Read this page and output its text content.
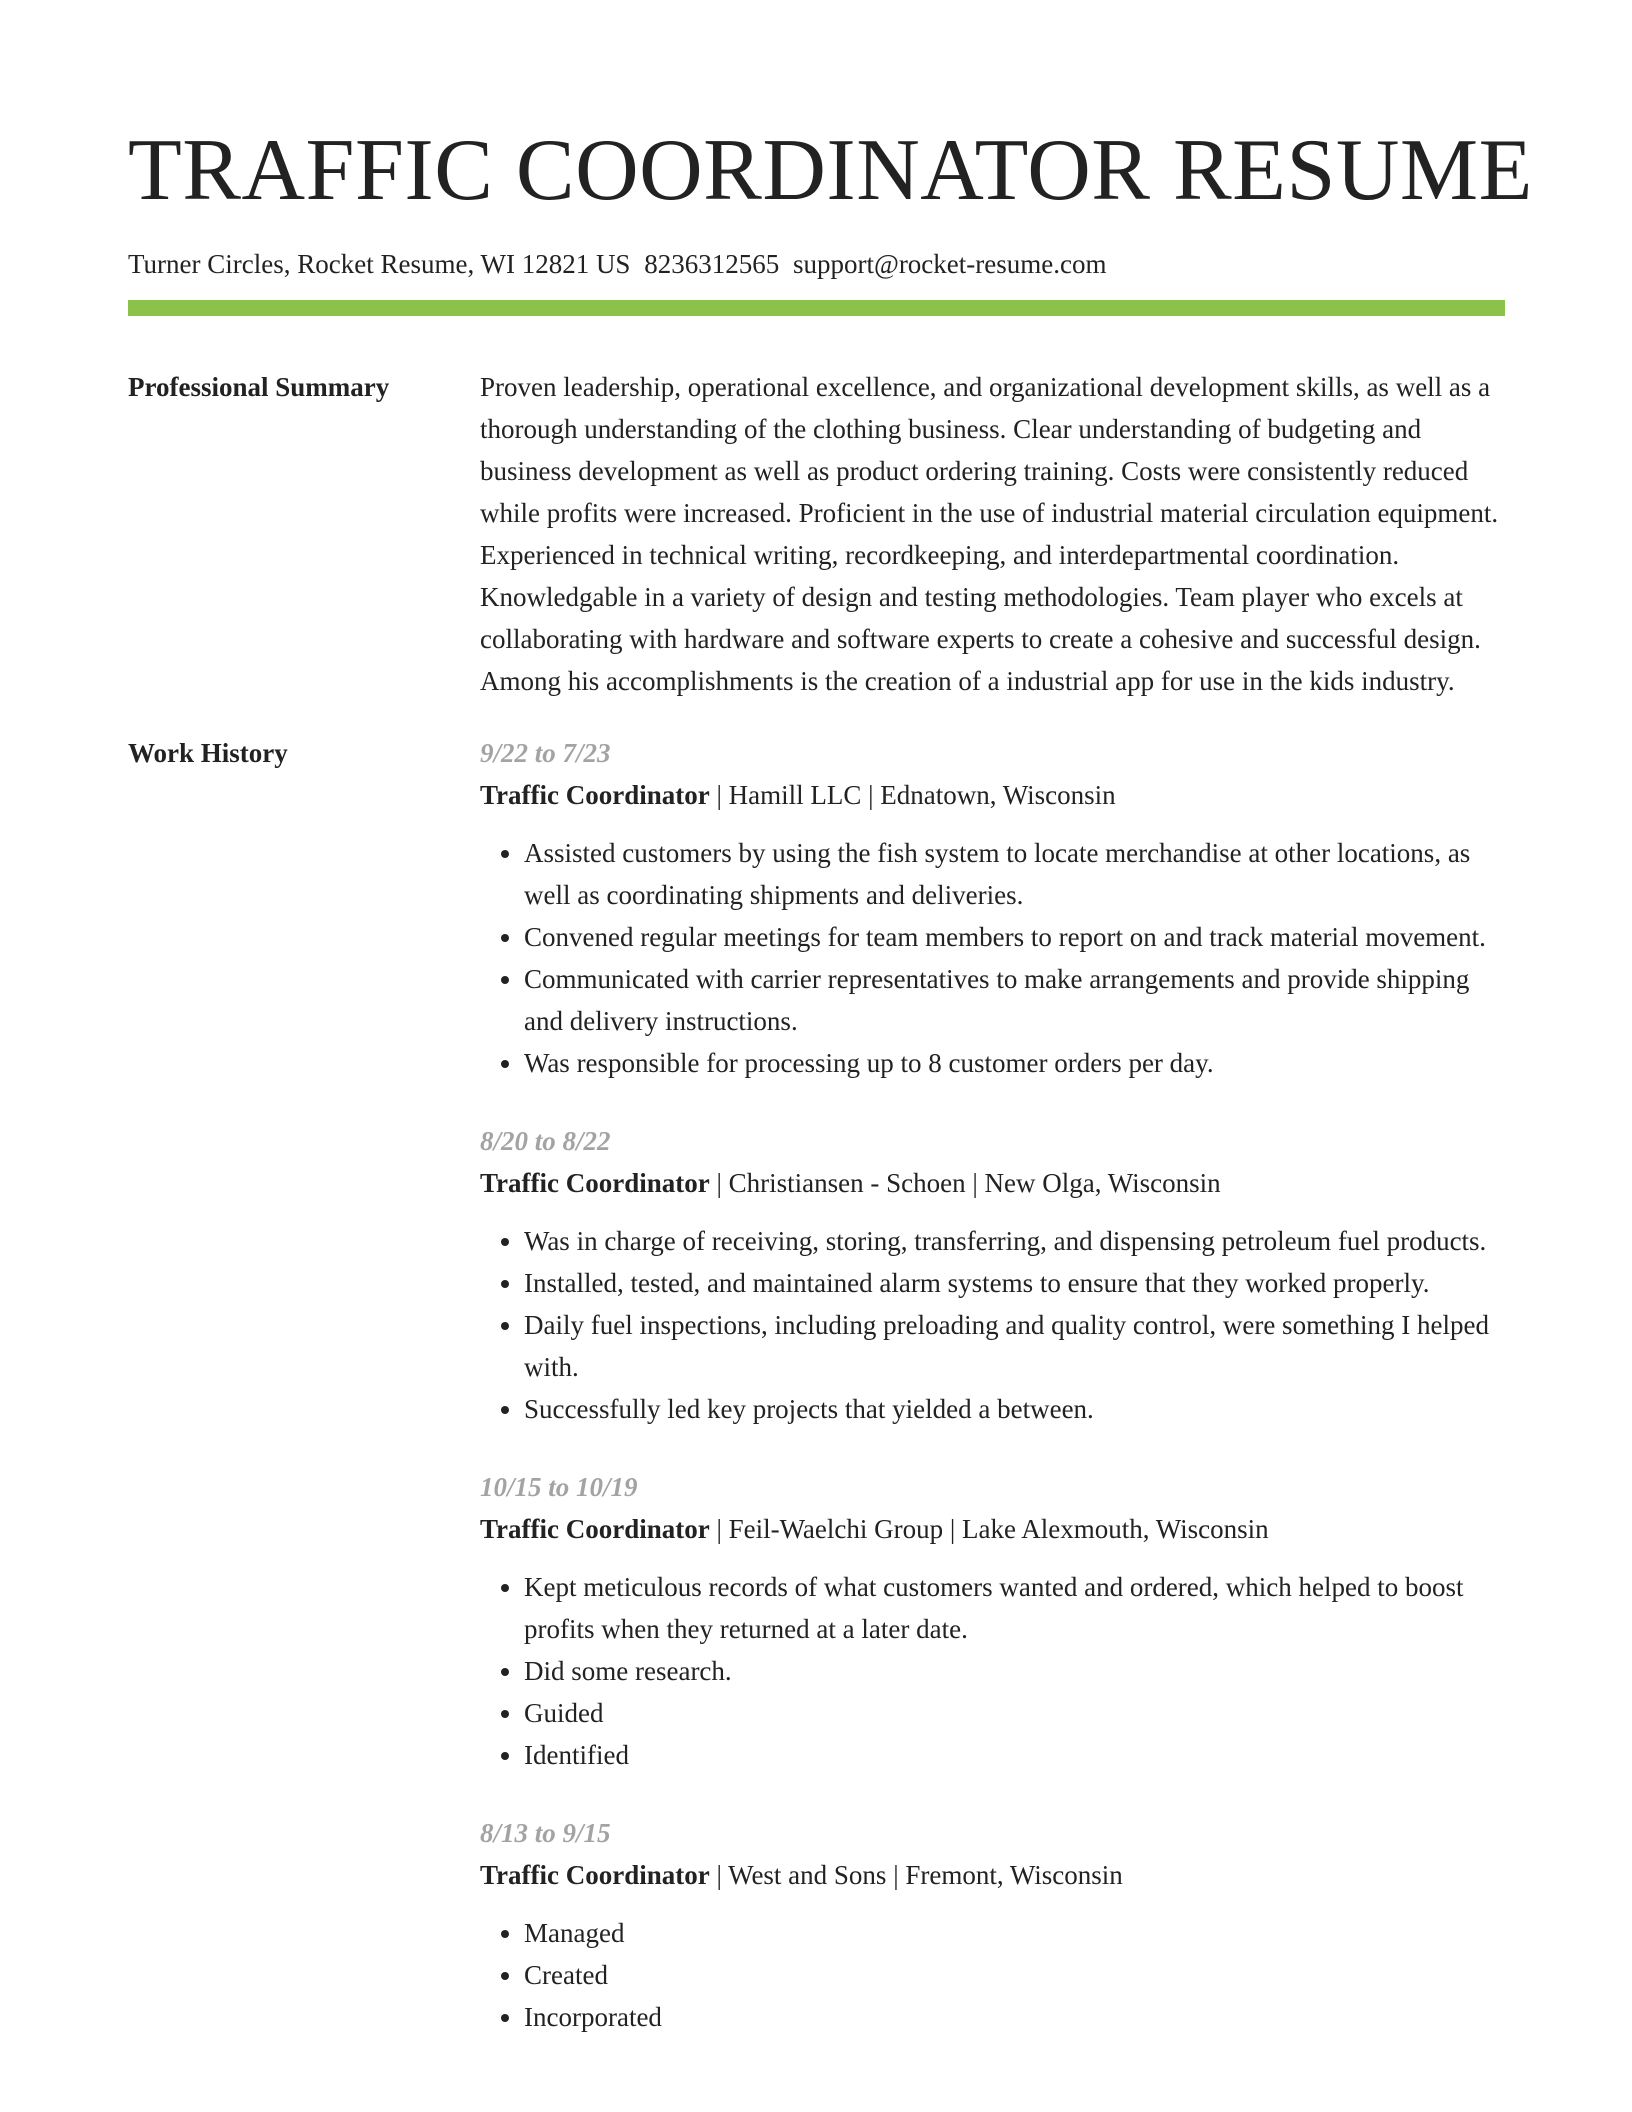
TRAFFIC COORDINATOR RESUME
Turner Circles, Rocket Resume, WI 12821 US 8236312565 support@rocket-resume.com
Professional Summary	Proven leadership, operational excellence, and organizational development skills, as well as a thorough understanding of the clothing business. Clear understanding of budgeting and business development as well as product ordering training. Costs were consistently reduced while profits were increased. Proficient in the use of industrial material circulation equipment. Experienced in technical writing, recordkeeping, and interdepartmental coordination. Knowledgable in a variety of design and testing methodologies. Team player who excels at collaborating with hardware and software experts to create a cohesive and successful design. Among his accomplishments is the creation of a industrial app for use in the kids industry.
Work History	9/22 to 7/23
Traffic Coordinator | Hamill LLC | Ednatown, Wisconsin
• Assisted customers by using the fish system to locate merchandise at other locations, as well as coordinating shipments and deliveries.
• Convened regular meetings for team members to report on and track material movement.
• Communicated with carrier representatives to make arrangements and provide shipping and delivery instructions.
• Was responsible for processing up to 8 customer orders per day.
8/20 to 8/22
Traffic Coordinator | Christiansen - Schoen | New Olga, Wisconsin
• Was in charge of receiving, storing, transferring, and dispensing petroleum fuel products.
• Installed, tested, and maintained alarm systems to ensure that they worked properly.
• Daily fuel inspections, including preloading and quality control, were something I helped with.
• Successfully led key projects that yielded a between.
10/15 to 10/19
Traffic Coordinator | Feil-Waelchi Group | Lake Alexmouth, Wisconsin
• Kept meticulous records of what customers wanted and ordered, which helped to boost profits when they returned at a later date.
• Did some research.
• Guided
• Identified
8/13 to 9/15
Traffic Coordinator | West and Sons | Fremont, Wisconsin
• Managed
• Created
• Incorporated
